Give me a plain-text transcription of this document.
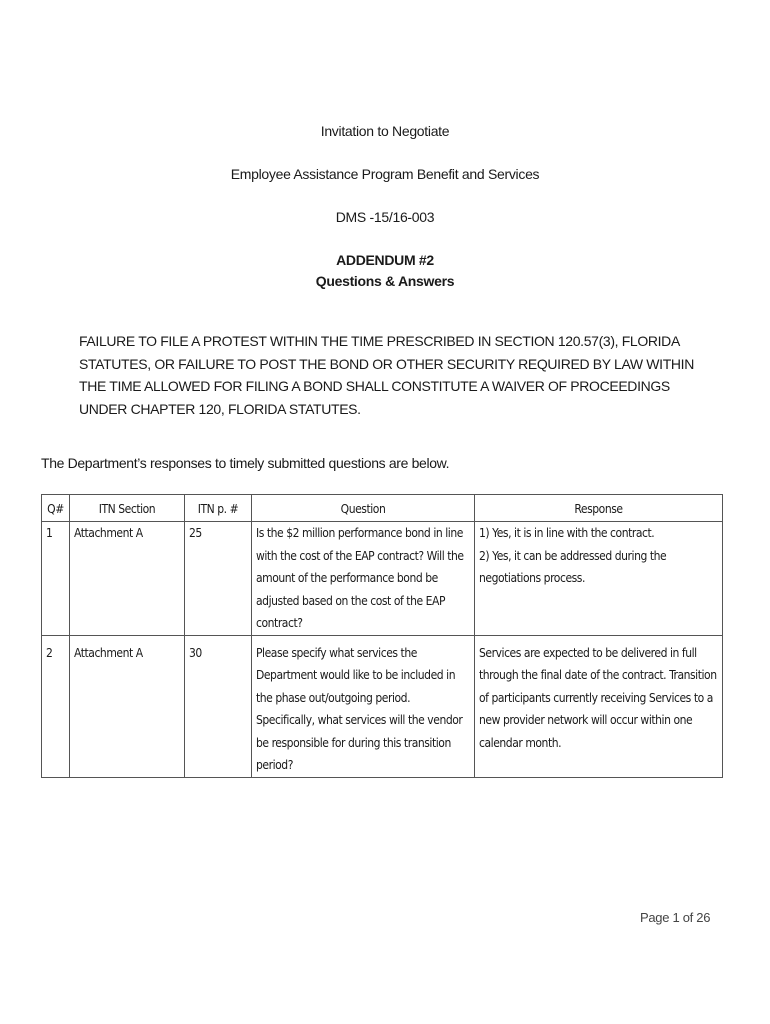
Invitation to Negotiate
Employee Assistance Program Benefit and Services
DMS -15/16-003
ADDENDUM #2
Questions & Answers
FAILURE TO FILE A PROTEST WITHIN THE TIME PRESCRIBED IN SECTION 120.57(3), FLORIDA STATUTES, OR FAILURE TO POST THE BOND OR OTHER SECURITY REQUIRED BY LAW WITHIN THE TIME ALLOWED FOR FILING A BOND SHALL CONSTITUTE A WAIVER OF PROCEEDINGS UNDER CHAPTER 120, FLORIDA STATUTES.
The Department’s responses to timely submitted questions are below.
Q#	ITN Section	ITN p. #	Question	Response
1	Attachment A	25	Is the $2 million performance bond in line with the cost of the EAP contract? Will the amount of the performance bond be adjusted based on the cost of the EAP contract?	1) Yes, it is in line with the contract.
2) Yes, it can be addressed during the negotiations process.

2	Attachment A	30	Please specify what services the Department would like to be included in the phase out/outgoing period. Specifically, what services will the vendor be responsible for during this transition period?	Services are expected to be delivered in full through the final date of the contract. Transition of participants currently receiving Services to a new provider network will occur within one calendar month.
Page 1 of 26
